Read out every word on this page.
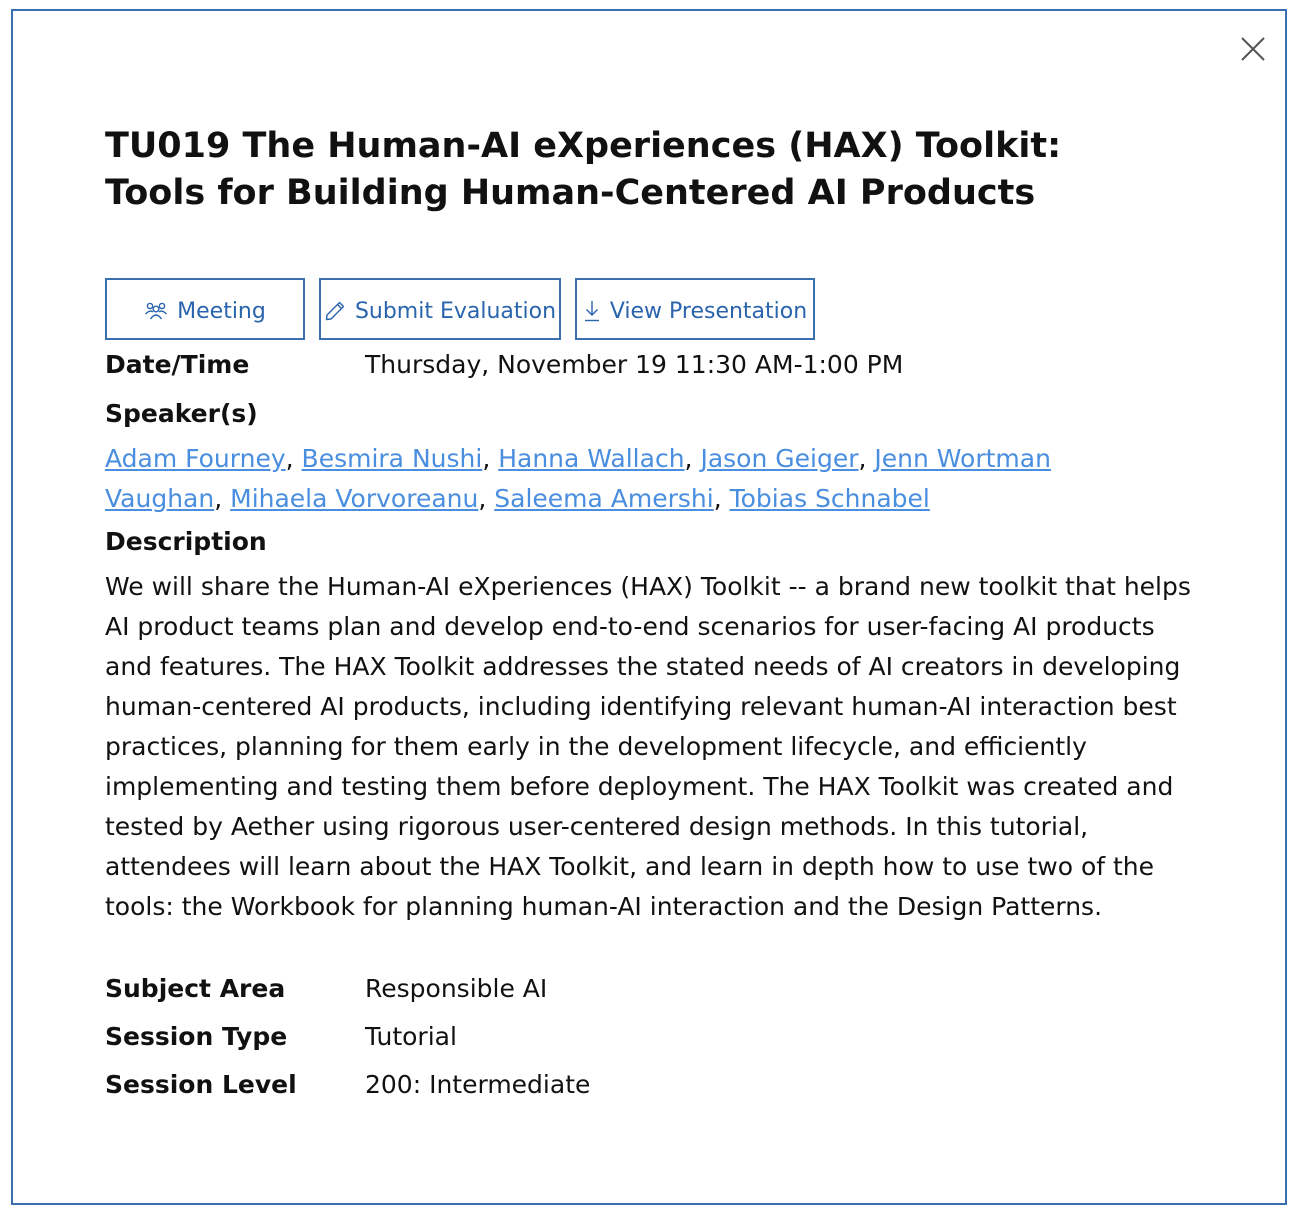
TU019 The Human-AI eXperiences (HAX) Toolkit: Tools for Building Human-Centered AI Products
Meeting	Submit Evaluation View Presentation
Date/Time	Thursday, November 19 11:30 AM-1:00 PM
Speaker(s)
Adam Fourney, Besmira Nushi, Hanna Wallach, Jason Geiger, Jenn Wortman Vaughan, Mihaela Vorvoreanu, Saleema Amershi, Tobias Schnabel
Description
We will share the Human-AI eXperiences (HAX) Toolkit -- a brand new toolkit that helps AI product teams plan and develop end-to-end scenarios for user-facing AI products and features. The HAX Toolkit addresses the stated needs of AI creators in developing human-centered AI products, including identifying relevant human-AI interaction best practices, planning for them early in the development lifecycle, and efficiently implementing and testing them before deployment. The HAX Toolkit was created and tested by Aether using rigorous user-centered design methods. In this tutorial, attendees will learn about the HAX Toolkit, and learn in depth how to use two of the tools: the Workbook for planning human-AI interaction and the Design Patterns.
Subject Area	Responsible AI
Session Type	Tutorial
Session Level	200: Intermediate
